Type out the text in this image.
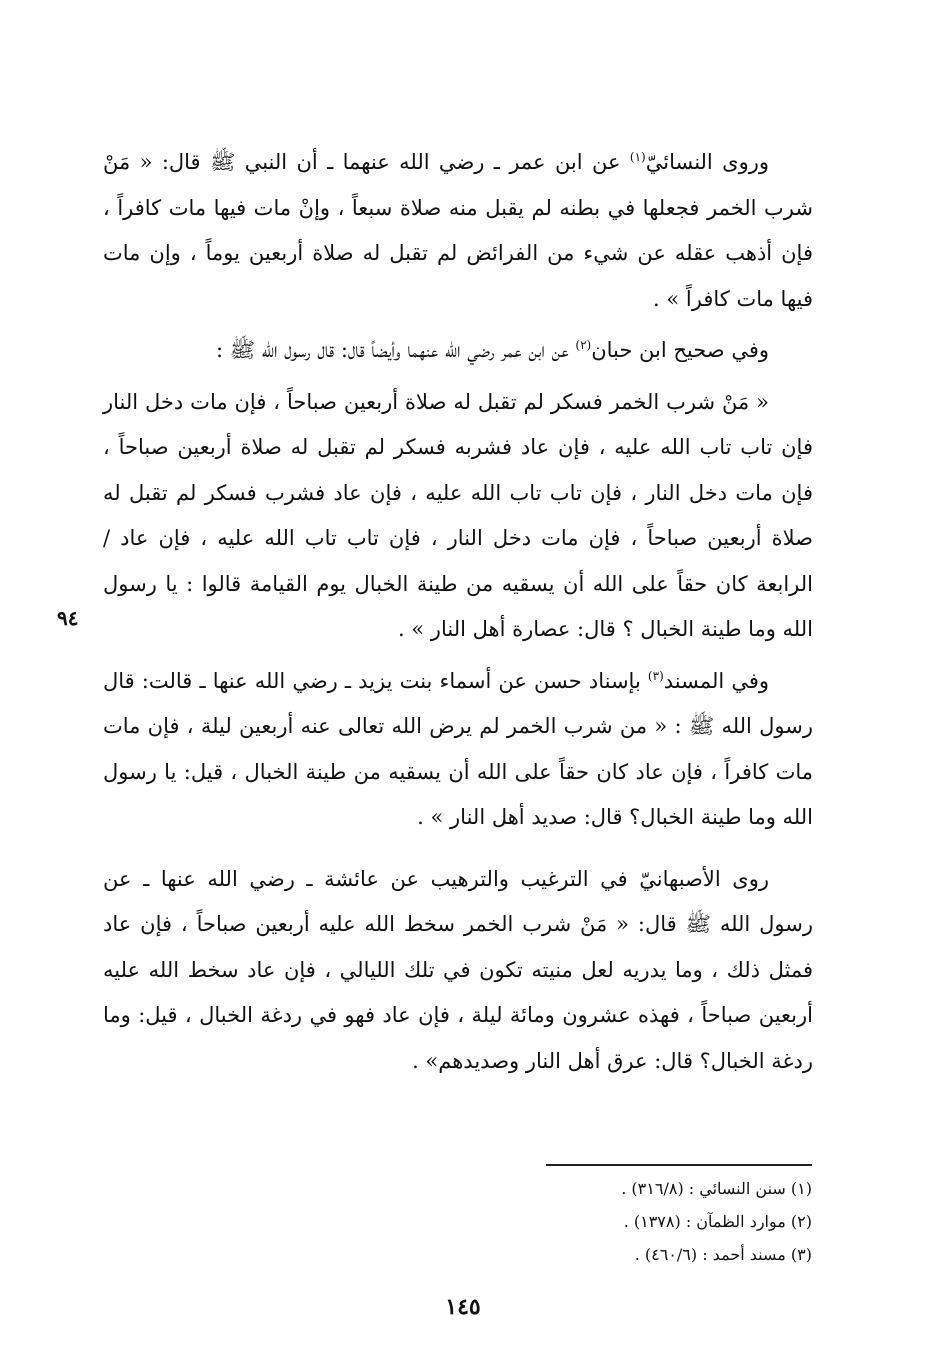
وروى النسائيّ$^{(١)}$ عن ابن عمر ـ رضي الله عنهما ـ أن النبي ﷺ قال: « مَنْ شرب الخمر فجعلها في بطنه لم يقبل منه صلاة سبعاً ، وإنْ مات فيها مات كافراً ، فإن أذهب عقله عن شيء من الفرائض لم تقبل له صلاة أربعين يوماً ، وإن مات فيها مات كافراً » .

وفي صحيح ابن حبان$^{(٢)}$ عن ابن عمر رضي الله عنهما وأيضاً قال: قال رسول الله ﷺ :

« مَنْ شرب الخمر فسكر لم تقبل له صلاة أربعين صباحاً ، فإن مات دخل النار فإن تاب تاب الله عليه ، فإن عاد فشربه فسكر لم تقبل له صلاة أربعين صباحاً ، فإن مات دخل النار ، فإن تاب تاب الله عليه ، فإن عاد فشرب فسكر لم تقبل له صلاة أربعين صباحاً ، فإن مات دخل النار ، فإن تاب تاب الله عليه ، فإن عاد / الرابعة كان حقاً على الله أن يسقيه من طينة الخبال يوم القيامة قالوا : يا رسول الله وما طينة الخبال ؟ قال: عصارة أهل النار » .

وفي المسند$^{(٣)}$ بإسناد حسن عن أسماء بنت يزيد ـ رضي الله عنها ـ قالت: قال رسول الله ﷺ : « من شرب الخمر لم يرض الله تعالى عنه أربعين ليلة ، فإن مات مات كافراً ، فإن عاد كان حقاً على الله أن يسقيه من طينة الخبال ، قيل: يا رسول الله وما طينة الخبال؟ قال: صديد أهل النار » .

روى الأصبهانيّ في الترغيب والترهيب عن عائشة ـ رضي الله عنها ـ عن رسول الله ﷺ قال: « مَنْ شرب الخمر سخط الله عليه أربعين صباحاً ، فإن عاد فمثل ذلك ، وما يدريه لعل منيته تكون في تلك الليالي ، فإن عاد سخط الله عليه أربعين صباحاً ، فهذه عشرون ومائة ليلة ، فإن عاد فهو في ردغة الخبال ، قيل: وما ردغة الخبال؟ قال: عرق أهل النار وصديدهم» .

٩٤

(١) سنن النسائي : (٣١٦/٨) .

(٢) موارد الظمآن : (١٣٧٨) .

(٣) مسند أحمد : (٤٦٠/٦) .

١٤٥
